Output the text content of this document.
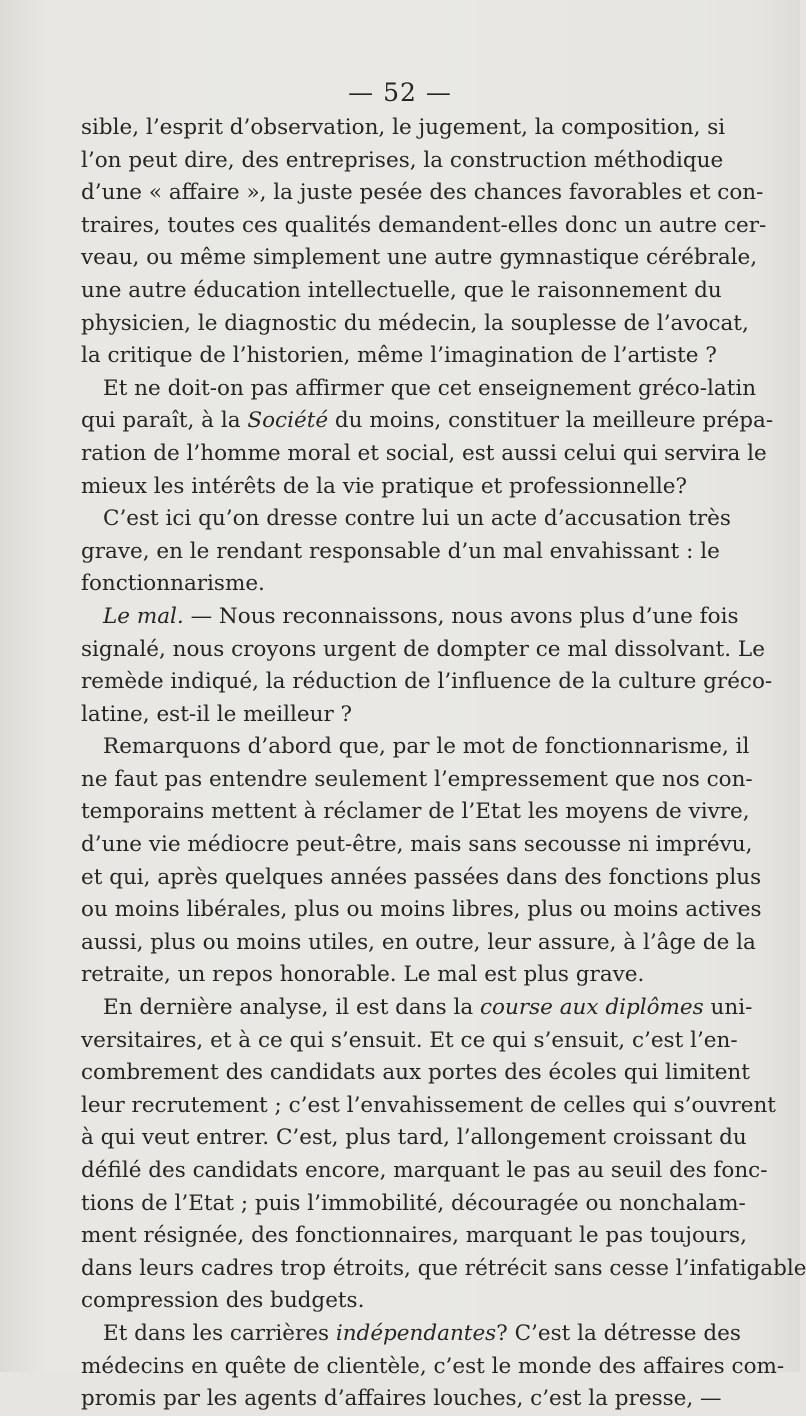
— 52 —
sible, l’esprit d’observation, le jugement, la composition, si
l’on peut dire, des entreprises, la construction méthodique
d’une « affaire », la juste pesée des chances favorables et con-
traires, toutes ces qualités demandent-elles donc un autre cer-
veau, ou même simplement une autre gymnastique cérébrale,
une autre éducation intellectuelle, que le raisonnement du
physicien, le diagnostic du médecin, la souplesse de l’avocat,
la critique de l’historien, même l’imagination de l’artiste ?
Et ne doit-on pas affirmer que cet enseignement gréco-latin
qui paraît, à la Société du moins, constituer la meilleure prépa-
ration de l’homme moral et social, est aussi celui qui servira le
mieux les intérêts de la vie pratique et professionnelle?
C’est ici qu’on dresse contre lui un acte d’accusation très
grave, en le rendant responsable d’un mal envahissant : le
fonctionnarisme.
Le mal. — Nous reconnaissons, nous avons plus d’une fois
signalé, nous croyons urgent de dompter ce mal dissolvant. Le
remède indiqué, la réduction de l’influence de la culture gréco-
latine, est-il le meilleur ?
Remarquons d’abord que, par le mot de fonctionnarisme, il
ne faut pas entendre seulement l’empressement que nos con-
temporains mettent à réclamer de l’Etat les moyens de vivre,
d’une vie médiocre peut-être, mais sans secousse ni imprévu,
et qui, après quelques années passées dans des fonctions plus
ou moins libérales, plus ou moins libres, plus ou moins actives
aussi, plus ou moins utiles, en outre, leur assure, à l’âge de la
retraite, un repos honorable. Le mal est plus grave.
En dernière analyse, il est dans la course aux diplômes uni-
versitaires, et à ce qui s’ensuit. Et ce qui s’ensuit, c’est l’en-
combrement des candidats aux portes des écoles qui limitent
leur recrutement ; c’est l’envahissement de celles qui s’ouvrent
à qui veut entrer. C’est, plus tard, l’allongement croissant du
défilé des candidats encore, marquant le pas au seuil des fonc-
tions de l’Etat ; puis l’immobilité, découragée ou nonchalam-
ment résignée, des fonctionnaires, marquant le pas toujours,
dans leurs cadres trop étroits, que rétrécit sans cesse l’infatigable
compression des budgets.
Et dans les carrières indépendantes? C’est la détresse des
médecins en quête de clientèle, c’est le monde des affaires com-
promis par les agents d’affaires louches, c’est la presse, —
